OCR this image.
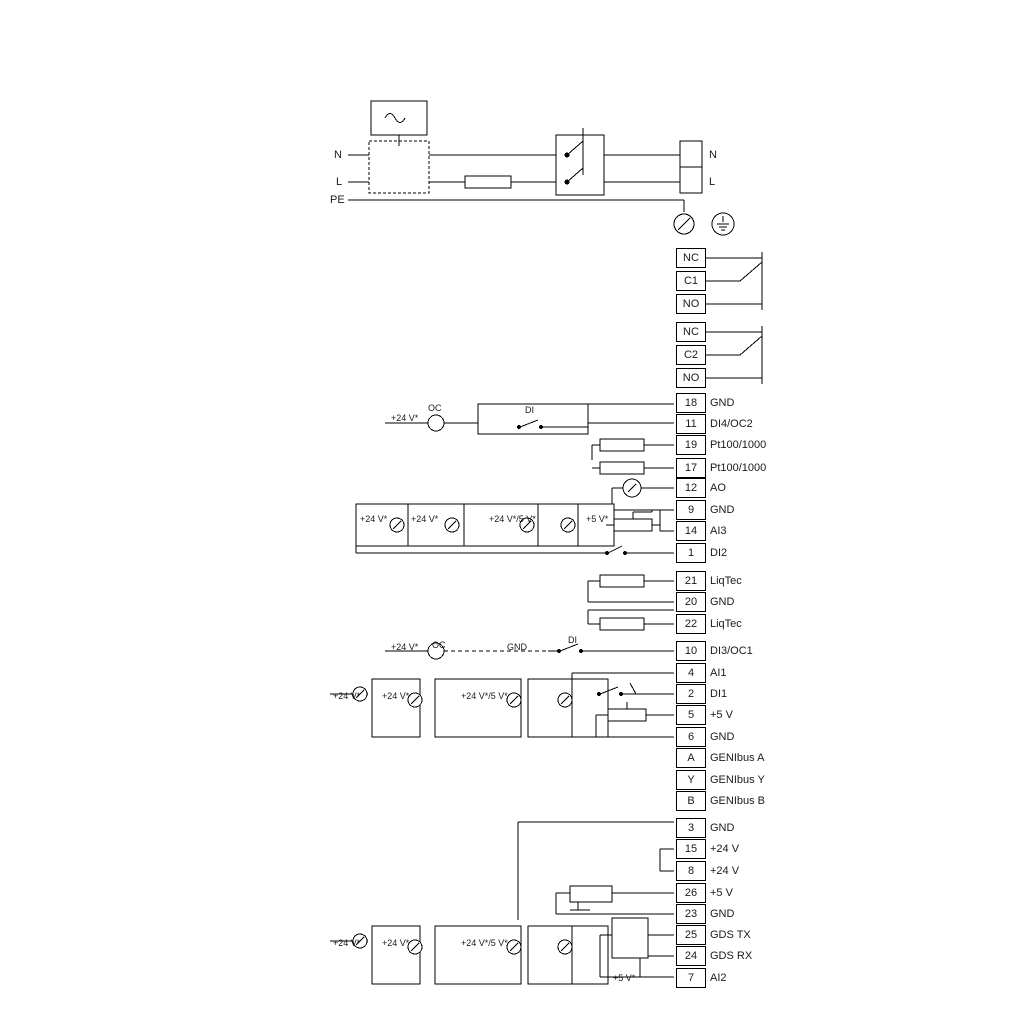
N
L
PE
N
L
NC
C1
NO
NC
C2
NO
18	GND
11	DI4/OC2
19	Pt100/1000
17	Pt100/1000
12	AO
9	GND
14	AI3
1	DI2
21	LiqTec
20	GND
22	LiqTec
10	DI3/OC1
4	AI1
2	DI1
5	+5 V
6	GND
A	GENIbus A
Y	GENIbus Y
B	GENIbus B
3	GND
15	+24 V
8	+24 V
26	+5 V
23	GND
25	GDS TX
24	GDS RX
7	AI2
+24 V*
OC	DI
+24 V*	+24 V*	+24 V*/5 V*	+5 V*
+24 V* OC	GND
DI
+24 V* +24 V*	+24 V*/5 V*
+24 V* +24 V*	+24 V*/5 V*
+5 V*
